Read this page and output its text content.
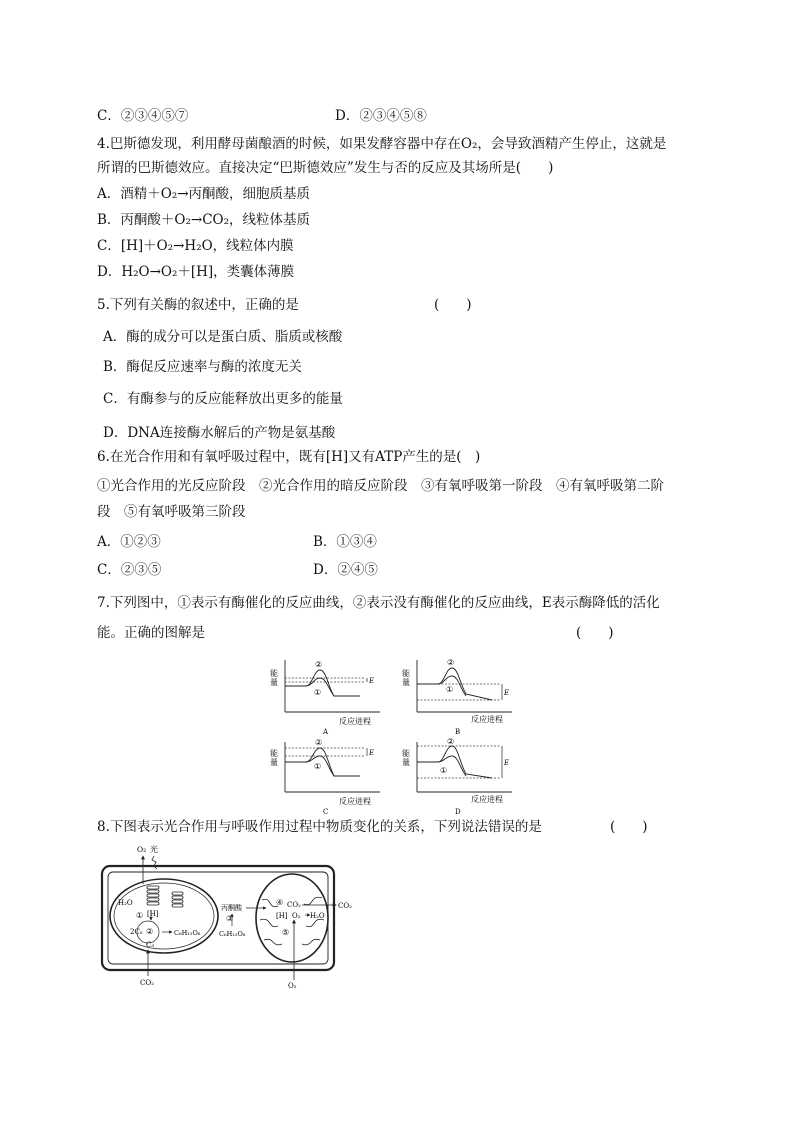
C．②③④⑤⑦	D．②③④⑤⑧
4.巴斯德发现，利用酵母菌酿酒的时候，如果发酵容器中存在O₂，会导致酒精产生停止，这就是
所谓的巴斯德效应。直接决定“巴斯德效应”发生与否的反应及其场所是(　　)
A．酒精＋O₂→丙酮酸，细胞质基质
B．丙酮酸＋O₂→CO₂，线粒体基质
C．[H]＋O₂→H₂O，线粒体内膜
D．H₂O→O₂＋[H]，类囊体薄膜
5.下列有关酶的叙述中，正确的是	(　　)
A．酶的成分可以是蛋白质、脂质或核酸
B．酶促反应速率与酶的浓度无关
C．有酶参与的反应能释放出更多的能量
D．DNA连接酶水解后的产物是氨基酸
6.在光合作用和有氧呼吸过程中，既有[H]又有ATP产生的是(　)
①光合作用的光反应阶段　②光合作用的暗反应阶段　③有氧呼吸第一阶段　④有氧呼吸第二阶
段　⑤有氧呼吸第三阶段
A．①②③	B．①③④
C．②③⑤	D．②④⑤
7.下列图中，①表示有酶催化的反应曲线，②表示没有酶催化的反应曲线，E表示酶降低的活化
能。正确的图解是	(　　)
能
量
②
①
E
反应进程
A
能
量
②
①	E
反应进程
B
能
量
②
①
E
反应进程
C
能
量
②
①
E
反应进程
D
8.下图表示光合作用与呼吸作用过程中物质变化的关系，下列说法错误的是	(　　)
O₂ 光
H₂O
① [H]
2C₅ ②	C₆H₁₂O₆
C₃
CO₂
丙酮酸
③
C₆H₁₂O₆
④ CO₂
[H] O₂ H₂O
⑤
CO₂
O₂
